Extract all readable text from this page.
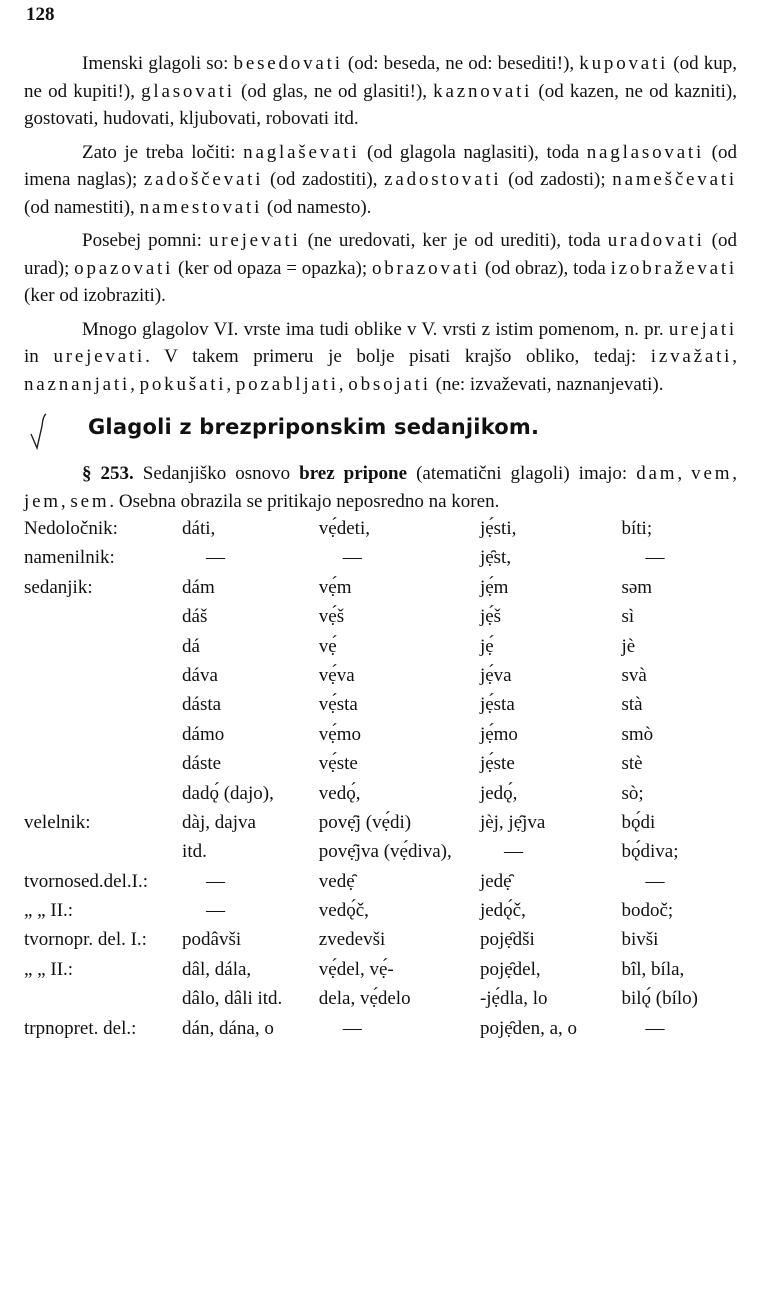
128

Imenski glagoli so: besedovati (od: beseda, ne od: besediti!), kupovati (od kup, ne od kupiti!), glasovati (od glas, ne od glasiti!), kaznovati (od kazen, ne od kazniti), gostovati, hudovati, kljubovati, robovati itd.

Zato je treba ločiti: naglaševati (od glagola naglasiti), toda naglasovati (od imena naglas); zadoščevati (od zadostiti), zadostovati (od zadosti); nameščevati (od namestiti), namestovati (od namesto).

Posebej pomni: urejevati (ne uredovati, ker je od urediti), toda uradovati (od urad); opazovati (ker od opaza = opazka); obrazovati (od obraz), toda izobraževati (ker od izobraziti).

Mnogo glagolov VI. vrste ima tudi oblike v V. vrsti z istim pomenom, n. pr. urejati in urejevati. V takem primeru je bolje pisati krajšo obliko, tedaj: izvažati, naznanjati, pokušati, pozabljati, obsojati (ne: izvaževati, naznanjevati).

Glagoli z brezpriponskim sedanjikom.

§ 253. Sedanjiško osnovo brez pripone (atematični glagoli) imajo: dam, vem, jem, sem. Osebna obrazila se pritikajo neposredno na koren.

Nedoločnik:	dáti,	vẹ́deti,	jẹ́sti,	bíti;
namenilnik:	—	—	jẹ̑st,	—
sedanjik:	dám	vẹ́m	jẹ́m	səm
	dáš	vẹ́š	jẹ́š	sì
	dá	vẹ́	jẹ́	jè
	dáva	vẹ́va	jẹ́va	svà
	dásta	vẹ́sta	jẹ́sta	stà
	dámo	vẹ́mo	jẹ́mo	smò
	dáste	vẹ́ste	jẹ́ste	stè
	dadǫ́ (dajo),	vedǫ́,	jedǫ́,	sò;
velelnik:	dàj, dajva	povẹ̑j (vẹ́di)	jèj, jẹ̑jva	bǫ́di
	itd.	povẹ̑jva (vẹ́diva),	—	bǫ́diva;
tvornosed.del.I.:	—	vedẹ̑	jedẹ̑	—
„ „ II.:	—	vedǫ́č,	jedǫ́č,	bodoč;
tvornopr. del. I.:	podâvši	zvedevši	pojẹ̑dši	bivši
„ „ II.:	dâl, dála,	vẹ́del, vẹ́-	pojẹ̑del,	bîl, bíla,
	dâlo, dâli itd.	dela, vẹ́delo	-jẹ́dla, lo	bilǫ́ (bílo)
trpnopret. del.:	dán, dána, o	—	pojẹ̑den, a, o	—
